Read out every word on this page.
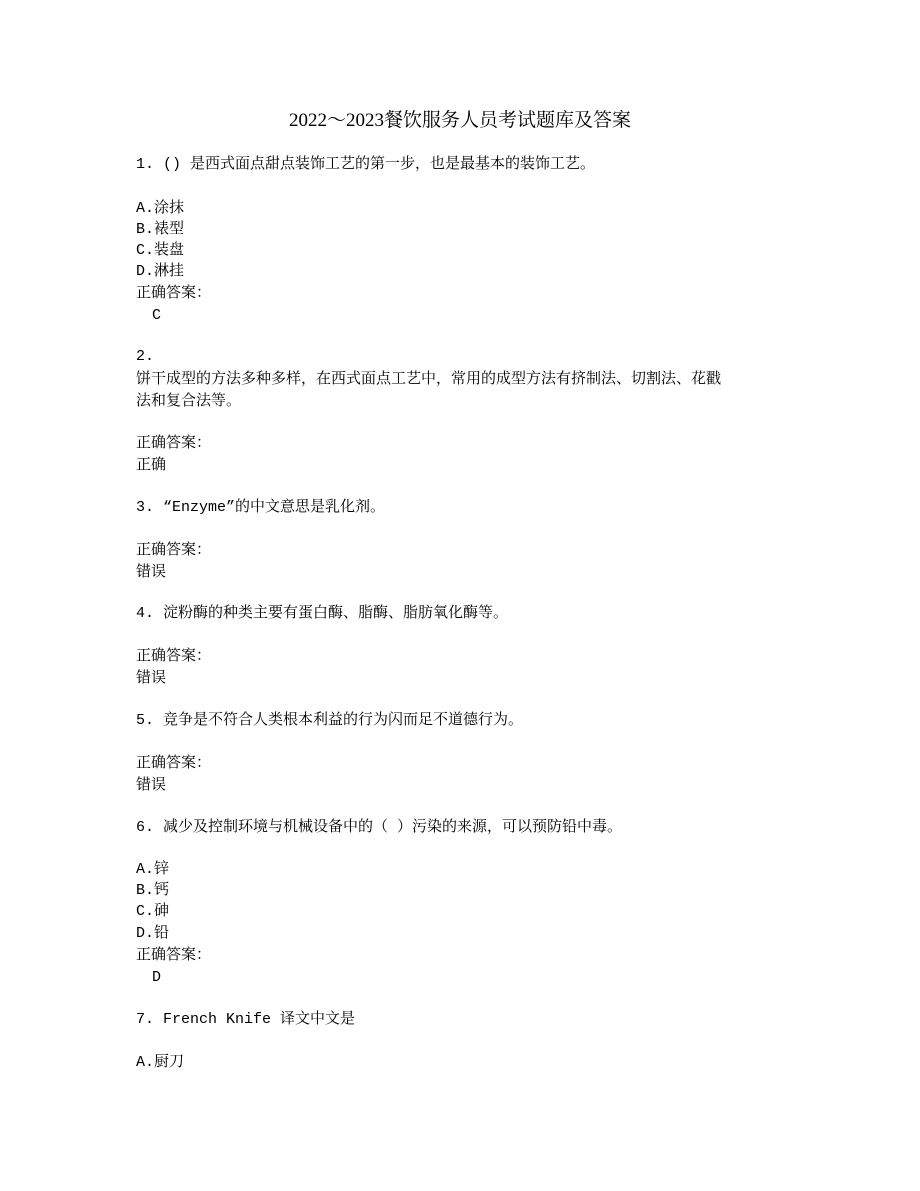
2022～2023餐饮服务人员考试题库及答案
1. () 是西式面点甜点装饰工艺的第一步，也是最基本的装饰工艺。
A.涂抹
B.裱型
C.装盘
D.淋挂
正确答案：
C
2.
饼干成型的方法多种多样，在西式面点工艺中，常用的成型方法有挤制法、切割法、花戳
法和复合法等。
正确答案：
正确
3. “Enzyme”的中文意思是乳化剂。
正确答案：
错误
4. 淀粉酶的种类主要有蛋白酶、脂酶、脂肪氧化酶等。
正确答案：
错误
5. 竞争是不符合人类根本利益的行为闪而足不道德行为。
正确答案：
错误
6. 减少及控制环境与机械设备中的（ ）污染的来源，可以预防铅中毒。
A.锌
B.钙
C.砷
D.铅
正确答案：
D
7. French Knife 译文中文是
A.厨刀
